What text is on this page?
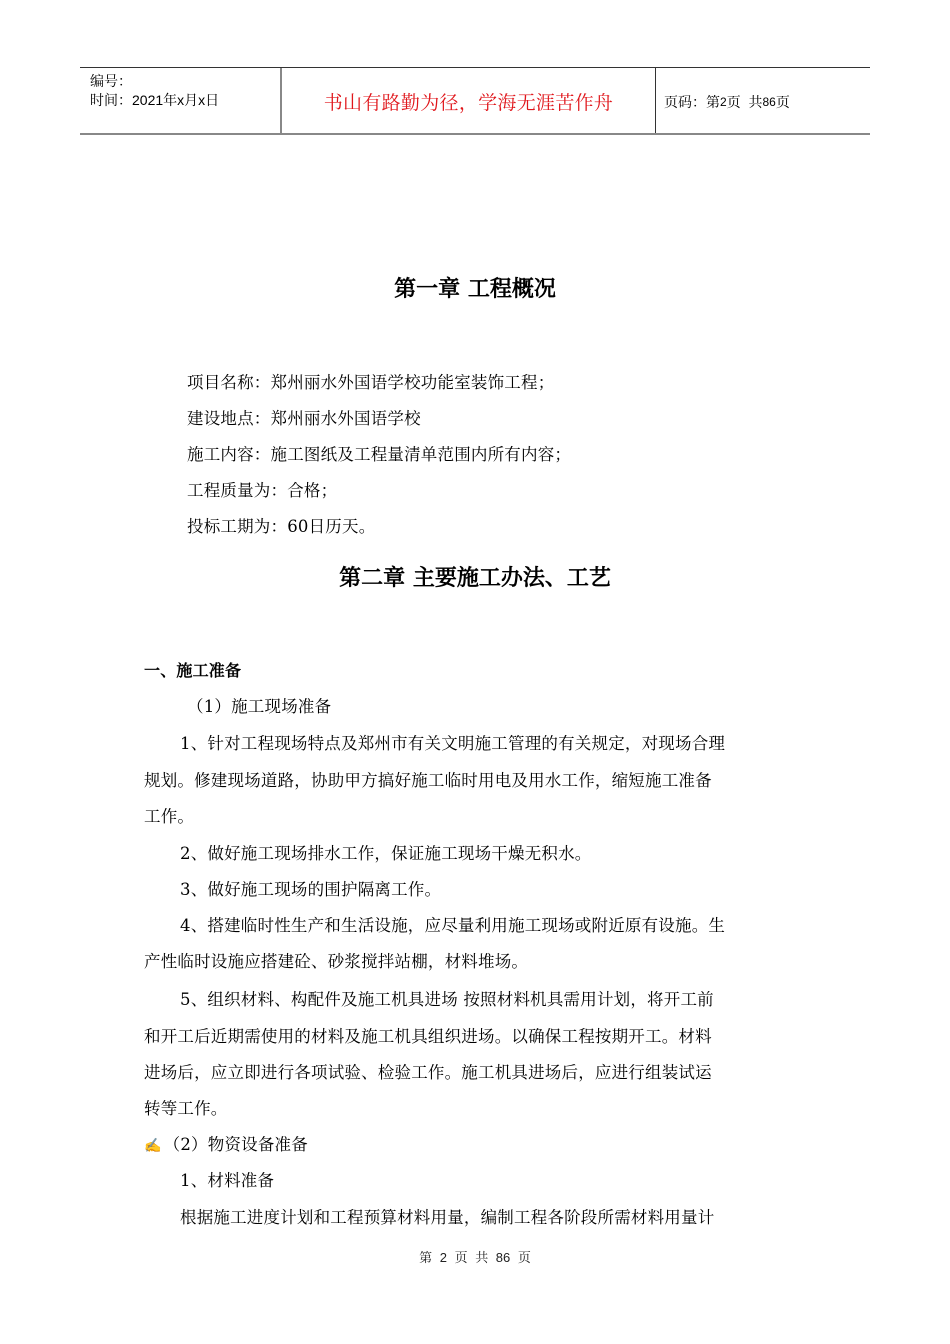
编号：
时间：2021年x月x日	书山有路勤为径，学海无涯苦作舟	页码：第 2 页  共 86 页
第一章 工程概况
项目名称：郑州丽水外国语学校功能室装饰工程；
建设地点：郑州丽水外国语学校
施工内容：施工图纸及工程量清单范围内所有内容；
工程质量为：合格；
投标工期为：60日历天。
第二章 主要施工办法、工艺
一、施工准备
（1）施工现场准备
1、针对工程现场特点及郑州市有关文明施工管理的有关规定，对现场合理
规划。修建现场道路，协助甲方搞好施工临时用电及用水工作，缩短施工准备
工作。
2、做好施工现场排水工作，保证施工现场干燥无积水。
3、做好施工现场的围护隔离工作。
4、搭建临时性生产和生活设施，应尽量利用施工现场或附近原有设施。生
产性临时设施应搭建砼、砂浆搅拌站棚，材料堆场。
5、组织材料、构配件及施工机具进场 按照材料机具需用计划，将开工前
和开工后近期需使用的材料及施工机具组织进场。以确保工程按期开工。材料
进场后，应立即进行各项试验、检验工作。施工机具进场后，应进行组装试运
转等工作。
✍ （2）物资设备准备
1、材料准备
根据施工进度计划和工程预算材料用量，编制工程各阶段所需材料用量计
第 2 页 共 86 页
